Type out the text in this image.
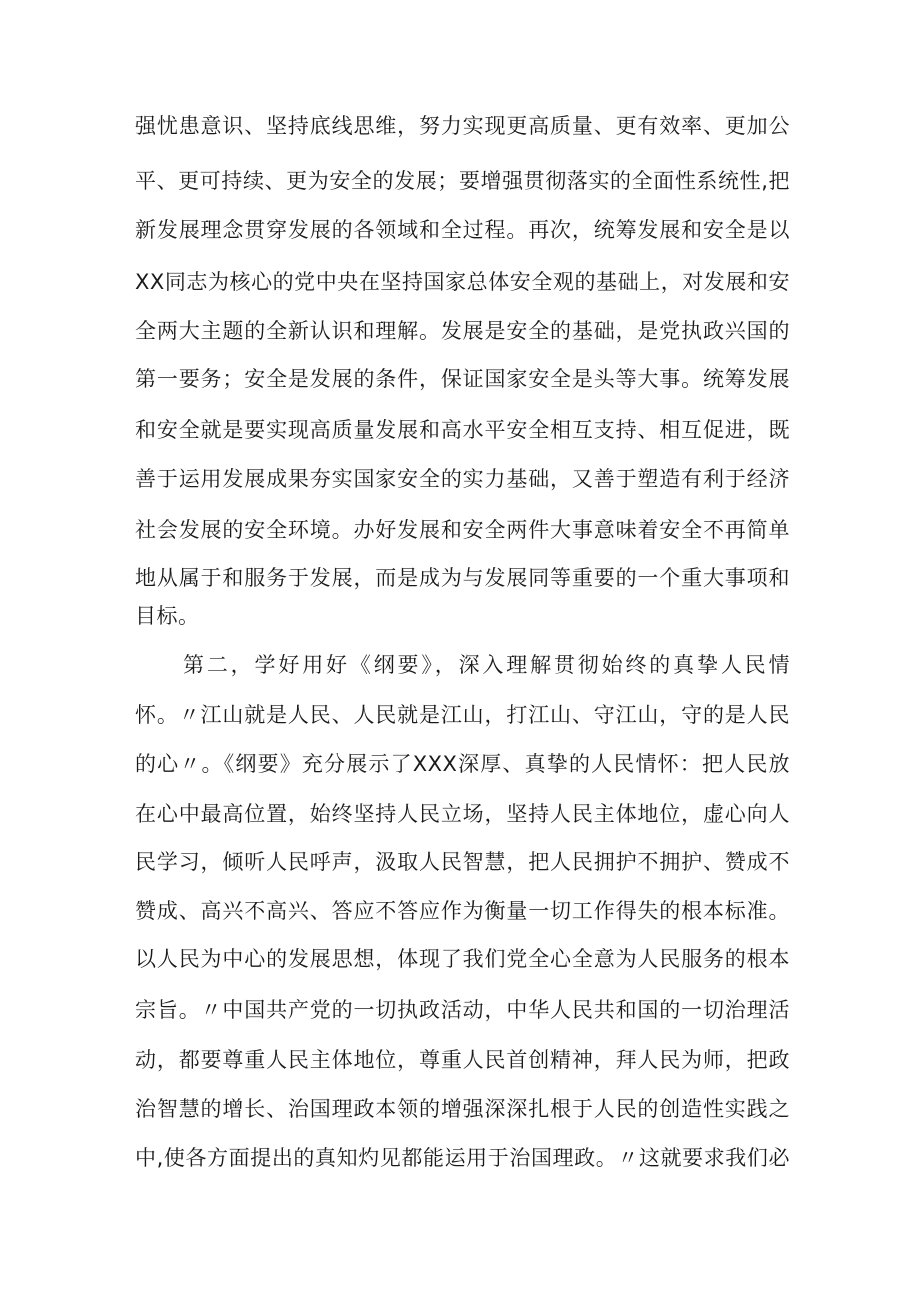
强忧患意识、坚持底线思维，努力实现更高质量、更有效率、更加公
平、更可持续、更为安全的发展；要增强贯彻落实的全面性系统性,把
新发展理念贯穿发展的各领域和全过程。再次，统筹发展和安全是以
XX同志为核心的党中央在坚持国家总体安全观的基础上，对发展和安
全两大主题的全新认识和理解。发展是安全的基础，是党执政兴国的
第一要务；安全是发展的条件，保证国家安全是头等大事。统筹发展
和安全就是要实现高质量发展和高水平安全相互支持、相互促进，既
善于运用发展成果夯实国家安全的实力基础，又善于塑造有利于经济
社会发展的安全环境。办好发展和安全两件大事意味着安全不再简单
地从属于和服务于发展，而是成为与发展同等重要的一个重大事项和
目标。
第二，学好用好《纲要》，深入理解贯彻始终的真挚人民情
怀。〃江山就是人民、人民就是江山，打江山、守江山，守的是人民
的心〃。《纲要》充分展示了XXX深厚、真挚的人民情怀：把人民放
在心中最高位置，始终坚持人民立场，坚持人民主体地位，虚心向人
民学习，倾听人民呼声，汲取人民智慧，把人民拥护不拥护、赞成不
赞成、高兴不高兴、答应不答应作为衡量一切工作得失的根本标准。
以人民为中心的发展思想，体现了我们党全心全意为人民服务的根本
宗旨。〃中国共产党的一切执政活动，中华人民共和国的一切治理活
动，都要尊重人民主体地位，尊重人民首创精神，拜人民为师，把政
治智慧的增长、治国理政本领的增强深深扎根于人民的创造性实践之
中,使各方面提出的真知灼见都能运用于治国理政。〃这就要求我们必
